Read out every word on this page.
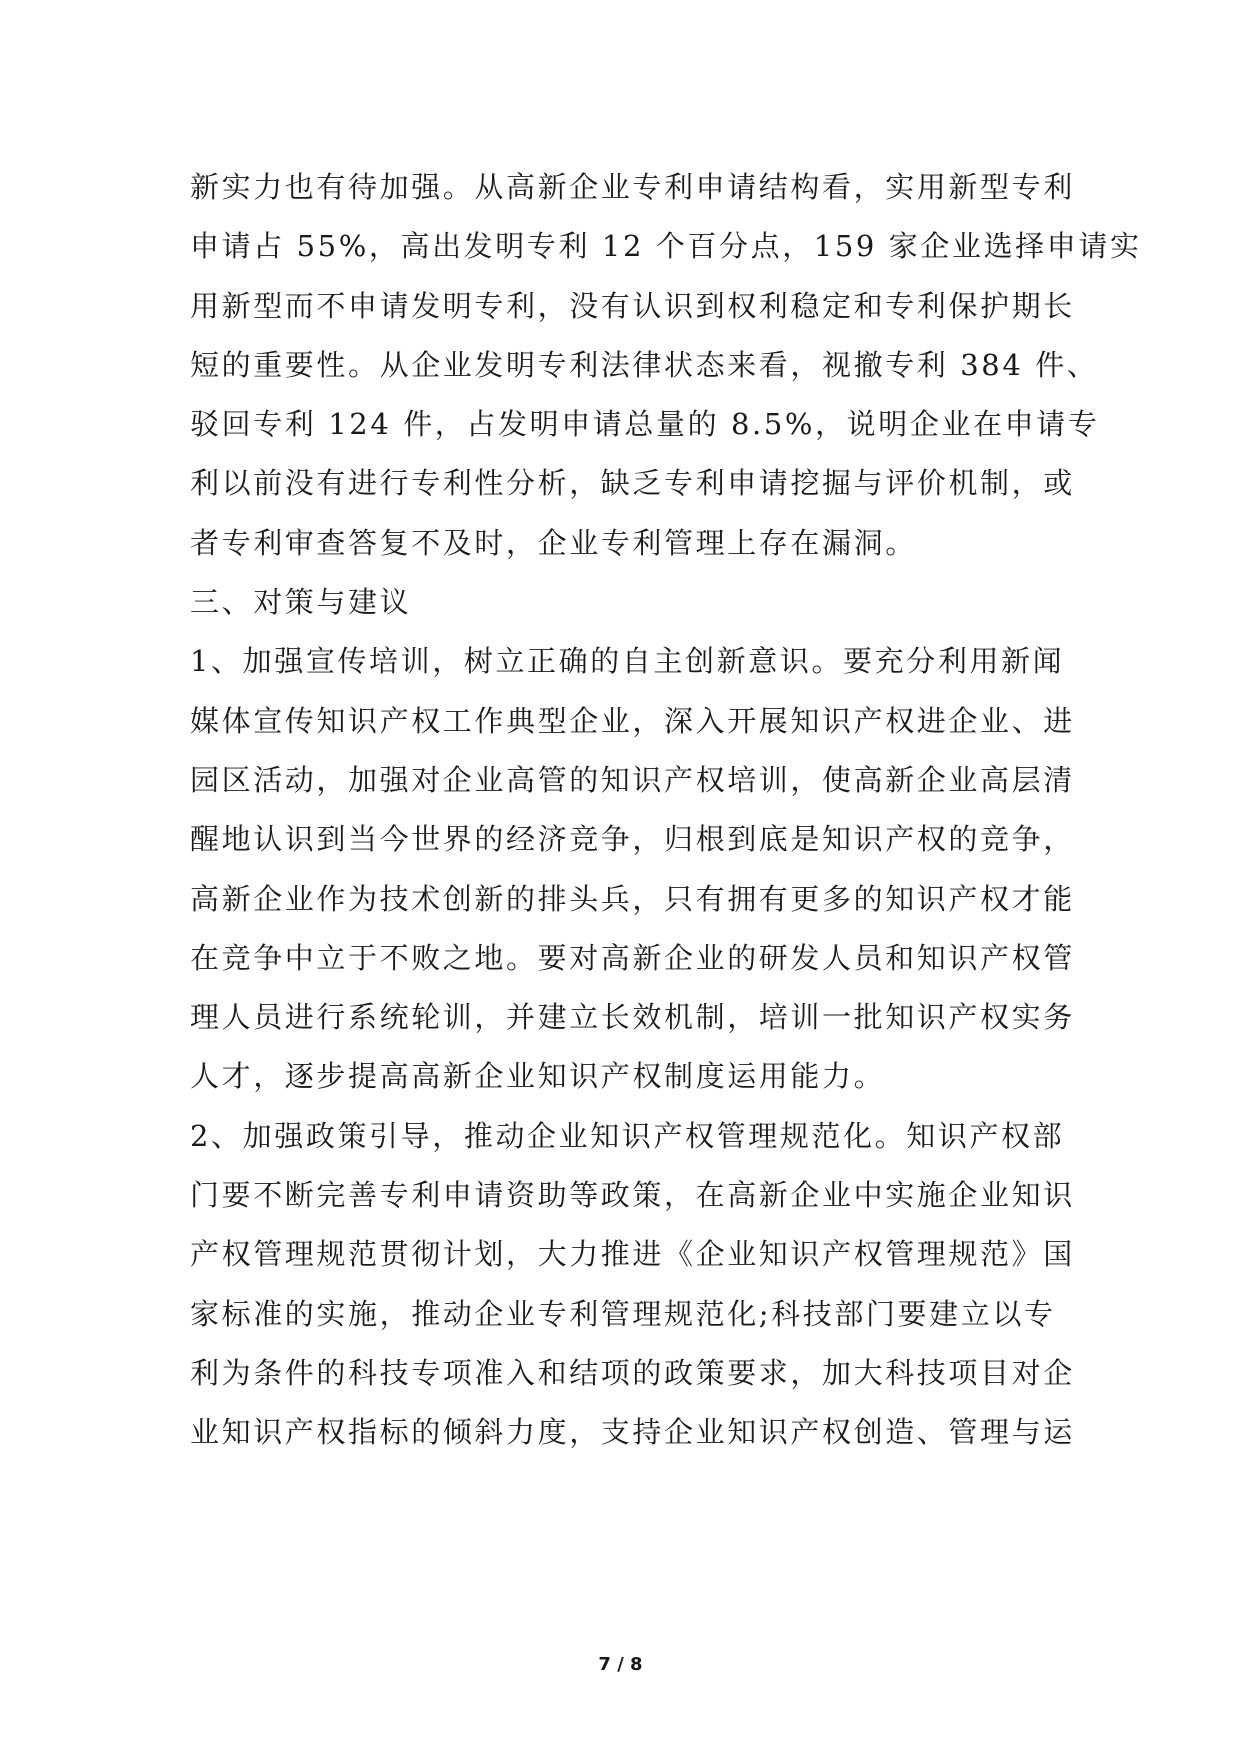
新实力也有待加强。从高新企业专利申请结构看，实用新型专利
申请占 55%，高出发明专利 12 个百分点，159 家企业选择申请实
用新型而不申请发明专利，没有认识到权利稳定和专利保护期长
短的重要性。从企业发明专利法律状态来看，视撤专利 384 件、
驳回专利 124 件，占发明申请总量的 8.5%，说明企业在申请专
利以前没有进行专利性分析，缺乏专利申请挖掘与评价机制，或
者专利审查答复不及时，企业专利管理上存在漏洞。
三、对策与建议
1、加强宣传培训，树立正确的自主创新意识。要充分利用新闻
媒体宣传知识产权工作典型企业，深入开展知识产权进企业、进
园区活动，加强对企业高管的知识产权培训，使高新企业高层清
醒地认识到当今世界的经济竞争，归根到底是知识产权的竞争，
高新企业作为技术创新的排头兵，只有拥有更多的知识产权才能
在竞争中立于不败之地。要对高新企业的研发人员和知识产权管
理人员进行系统轮训，并建立长效机制，培训一批知识产权实务
人才，逐步提高高新企业知识产权制度运用能力。
2、加强政策引导，推动企业知识产权管理规范化。知识产权部
门要不断完善专利申请资助等政策，在高新企业中实施企业知识
产权管理规范贯彻计划，大力推进《企业知识产权管理规范》国
家标准的实施，推动企业专利管理规范化;科技部门要建立以专
利为条件的科技专项准入和结项的政策要求，加大科技项目对企
业知识产权指标的倾斜力度，支持企业知识产权创造、管理与运
7 / 8
